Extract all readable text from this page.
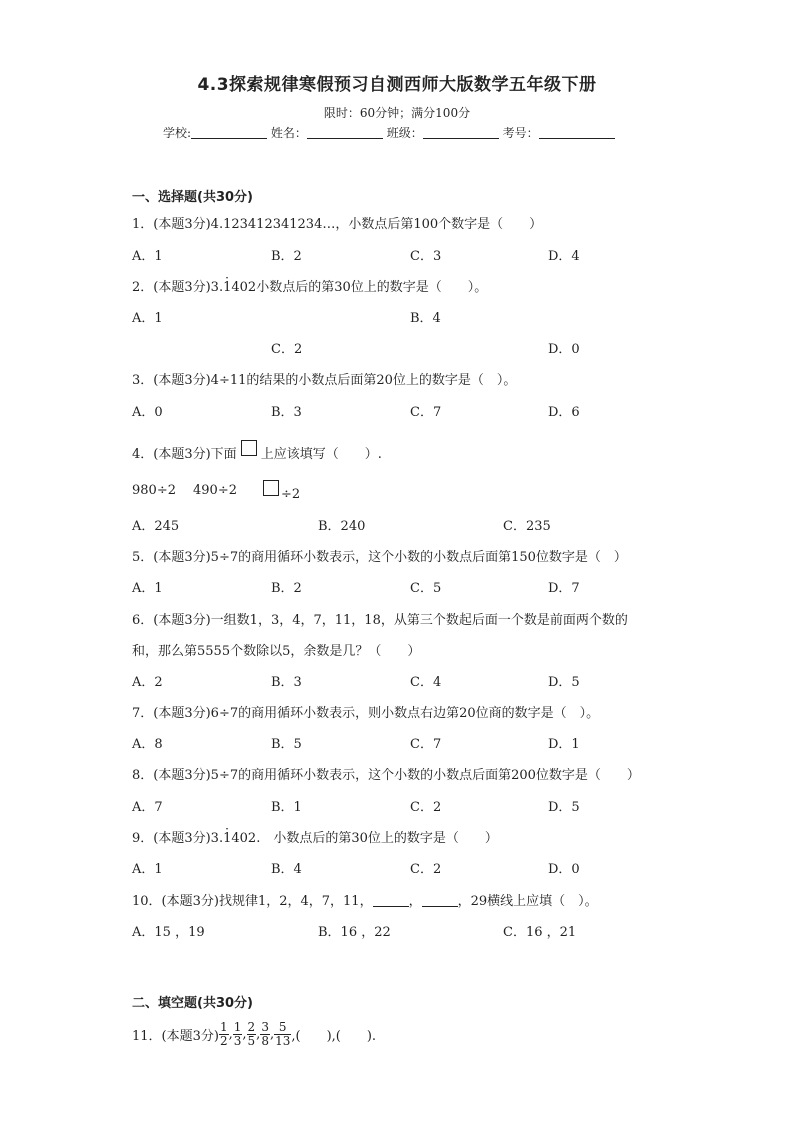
4.3探索规律寒假预习自测西师大版数学五年级下册
限时：60分钟；满分100分
学校:	姓名：	班级：	考号：
一、选择题(共30分)
1．(本题3分)4.123412341234…，小数点后第100个数字是（　　）
A．1	B．2	C．3	D．4
2．(本题3分)3.· 1402小数点后的第30位上的数字是（　　）。
A．1	B．4
C．2	D．0
3．(本题3分)4÷11的结果的小数点后面第20位上的数字是（　）。
A．0	B．3	C．7	D．6
4．(本题3分)下面 上应该填写（　　）.
980÷2 490÷2	÷2
A．245	B．240	C．235
5．(本题3分)5÷7的商用循环小数表示，这个小数的小数点后面第150位数字是（　）
A．1	B．2	C．5	D．7
6．(本题3分)一组数1，3，4，7，11，18，从第三个数起后面一个数是前面两个数的
和，那么第5555个数除以5，余数是几？（　　）
A．2	B．3	C．4	D．5
7．(本题3分)6÷7的商用循环小数表示，则小数点右边第20位商的数字是（　）。
A．8	B．5	C．7	D．1
8．(本题3分)5÷7的商用循环小数表示，这个小数的小数点后面第200位数字是（　　）
A．7	B．1	C．2	D．5
9．(本题3分)3.· 1402.　小数点后的第30位上的数字是（　　）
A．1	B．4	C．2	D．0
10．(本题3分)找规律1，2，4，7，11，	，	，29横线上应填（　）。
A．15 ，19	B．16 ，22	C．16 ，21
二、填空题(共30分)
11．(本题3分) $\frac{1}{2}$ , $\frac{1}{3}$ , $\frac{2}{5}$ , $\frac{3}{8}$ , $\frac{5}{13}$ ,(　　),(　　).
